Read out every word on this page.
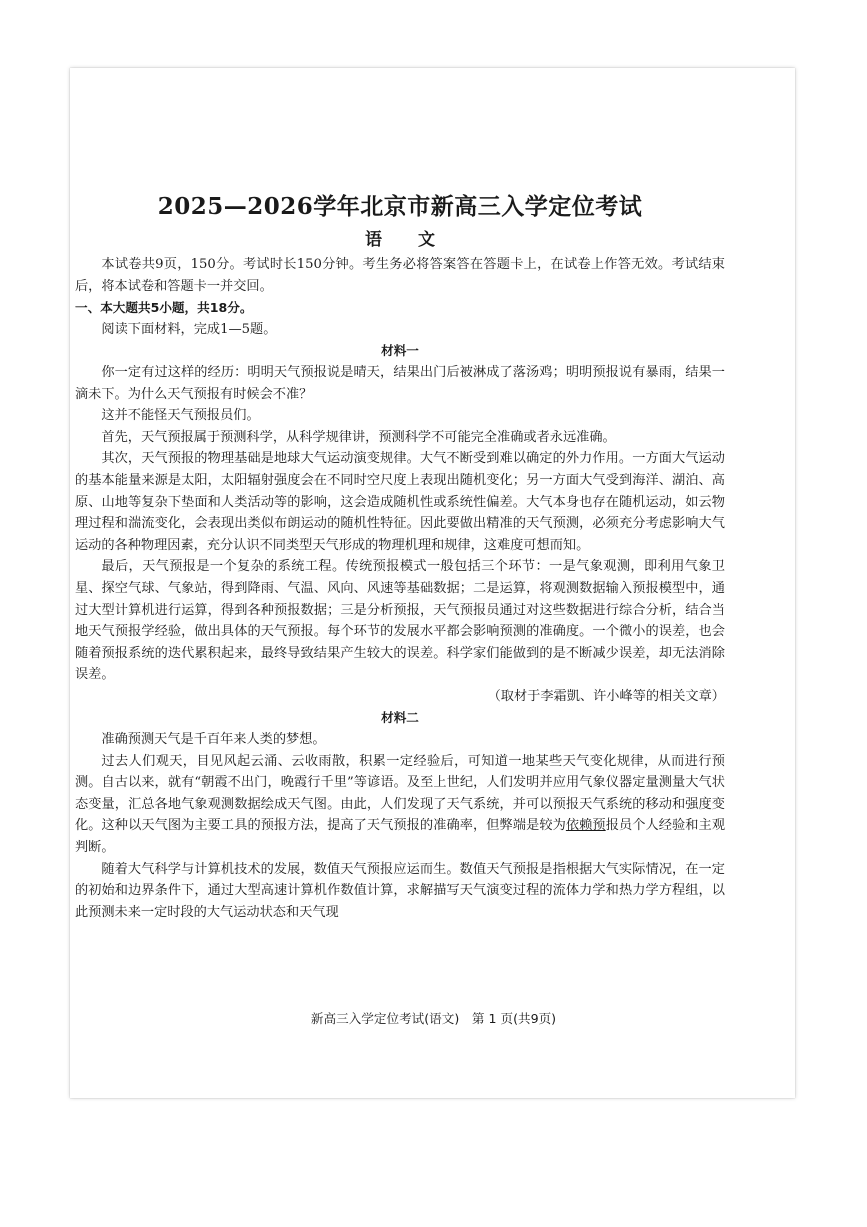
2025—2026学年北京市新高三入学定位考试
语 文

本试卷共9页，150分。考试时长150分钟。考生务必将答案答在答题卡上，在试卷上作答无效。考试结束后，将本试卷和答题卡一并交回。

一、本大题共5小题，共18分。

阅读下面材料，完成1—5题。

材料一

你一定有过这样的经历：明明天气预报说是晴天，结果出门后被淋成了落汤鸡；明明预报说有暴雨，结果一滴未下。为什么天气预报有时候会不准？

这并不能怪天气预报员们。

首先，天气预报属于预测科学，从科学规律讲，预测科学不可能完全准确或者永远准确。

其次，天气预报的物理基础是地球大气运动演变规律。大气不断受到难以确定的外力作用。一方面大气运动的基本能量来源是太阳，太阳辐射强度会在不同时空尺度上表现出随机变化；另一方面大气受到海洋、湖泊、高原、山地等复杂下垫面和人类活动等的影响，这会造成随机性或系统性偏差。大气本身也存在随机运动，如云物理过程和湍流变化，会表现出类似布朗运动的随机性特征。因此要做出精准的天气预测，必须充分考虑影响大气运动的各种物理因素，充分认识不同类型天气形成的物理机理和规律，这难度可想而知。

最后，天气预报是一个复杂的系统工程。传统预报模式一般包括三个环节：一是气象观测，即利用气象卫星、探空气球、气象站，得到降雨、气温、风向、风速等基础数据；二是运算，将观测数据输入预报模型中，通过大型计算机进行运算，得到各种预报数据；三是分析预报，天气预报员通过对这些数据进行综合分析，结合当地天气预报学经验，做出具体的天气预报。每个环节的发展水平都会影响预测的准确度。一个微小的误差，也会随着预报系统的迭代累积起来，最终导致结果产生较大的误差。科学家们能做到的是不断减少误差，却无法消除误差。

（取材于李霜凱、许小峰等的相关文章）

材料二

准确预测天气是千百年来人类的梦想。

过去人们观天，目见风起云涌、云收雨散，积累一定经验后，可知道一地某些天气变化规律，从而进行预测。自古以来，就有“朝霞不出门，晚霞行千里”等谚语。及至上世纪，人们发明并应用气象仪器定量测量大气状态变量，汇总各地气象观测数据绘成天气图。由此，人们发现了天气系统，并可以预报天气系统的移动和强度变化。这种以天气图为主要工具的预报方法，提高了天气预报的准确率，但弊端是较为依赖预报员个人经验和主观判断。

随着大气科学与计算机技术的发展，数值天气预报应运而生。数值天气预报是指根据大气实际情况，在一定的初始和边界条件下，通过大型高速计算机作数值计算，求解描写天气演变过程的流体力学和热力学方程组，以此预测未来一定时段的大气运动状态和天气现

新高三入学定位考试(语文)　第 1 页(共9页)
